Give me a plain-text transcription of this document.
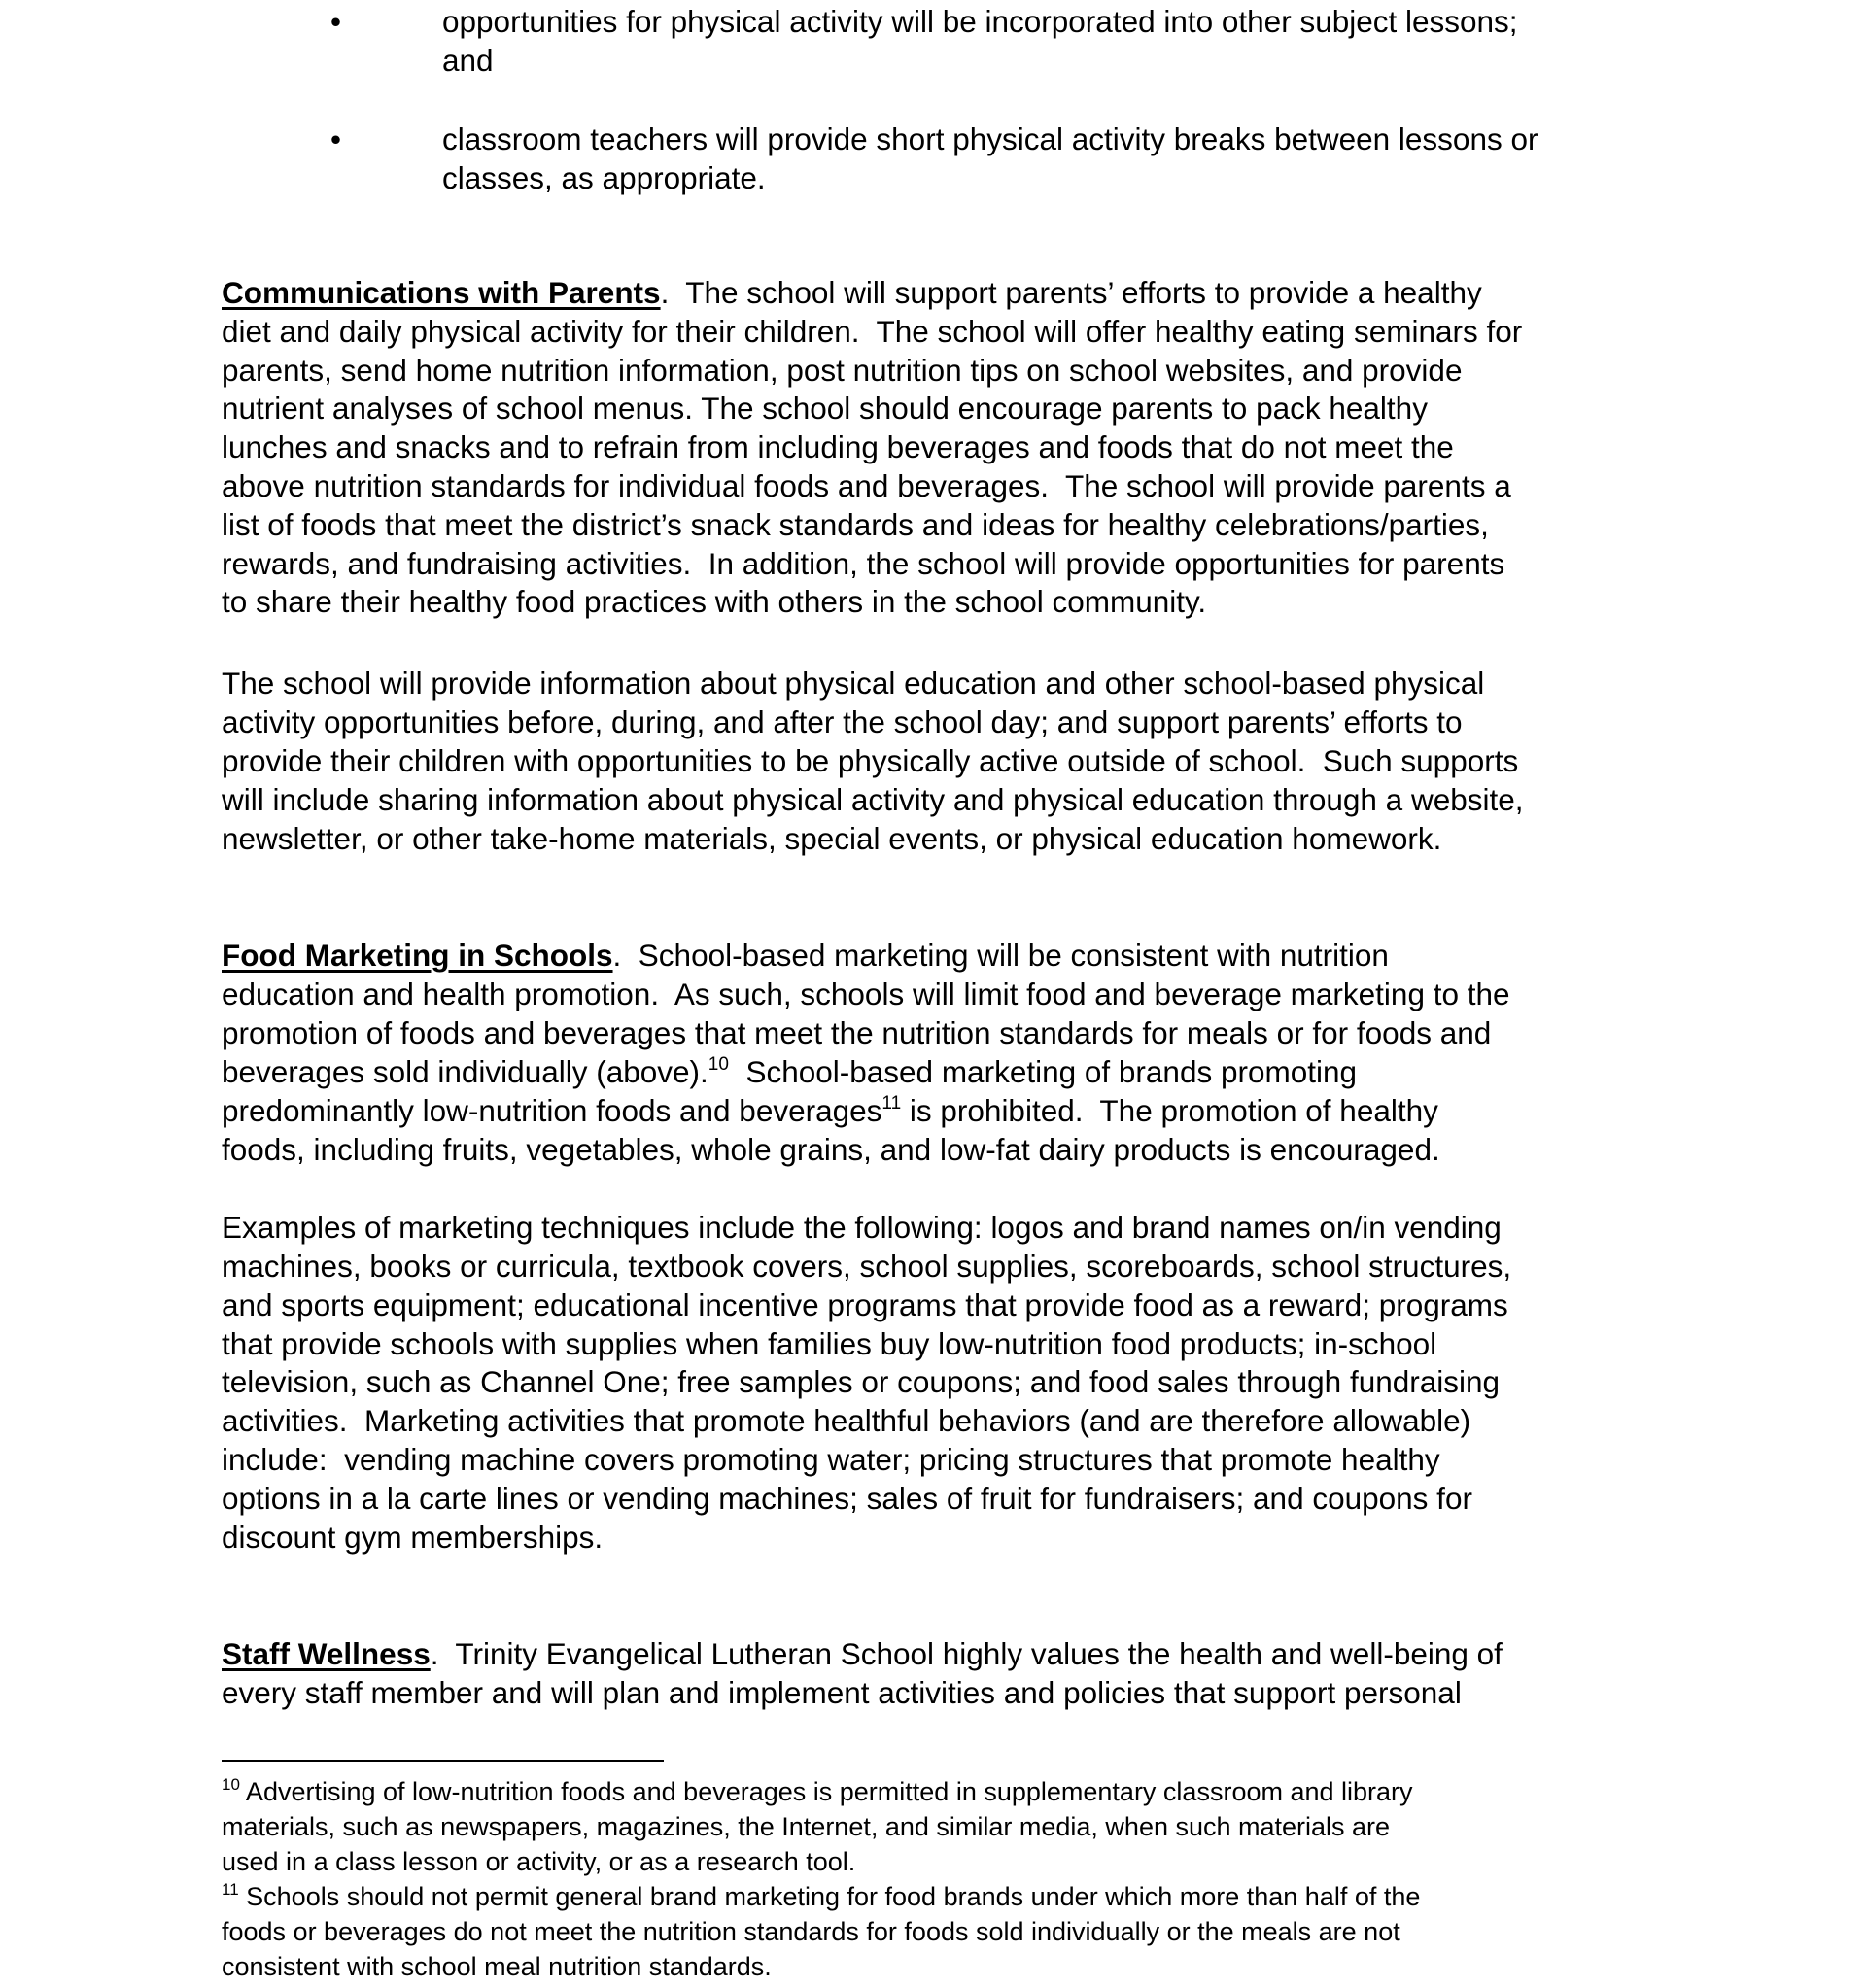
•	opportunities for physical activity will be incorporated into other subject lessons;
and
•	classroom teachers will provide short physical activity breaks between lessons or
classes, as appropriate.
Communications with Parents.  The school will support parents’ efforts to provide a healthy
diet and daily physical activity for their children.  The school will offer healthy eating seminars for
parents, send home nutrition information, post nutrition tips on school websites, and provide
nutrient analyses of school menus. The school should encourage parents to pack healthy
lunches and snacks and to refrain from including beverages and foods that do not meet the
above nutrition standards for individual foods and beverages.  The school will provide parents a
list of foods that meet the district’s snack standards and ideas for healthy celebrations/parties,
rewards, and fundraising activities.  In addition, the school will provide opportunities for parents
to share their healthy food practices with others in the school community.
The school will provide information about physical education and other school-based physical
activity opportunities before, during, and after the school day; and support parents’ efforts to
provide their children with opportunities to be physically active outside of school.  Such supports
will include sharing information about physical activity and physical education through a website,
newsletter, or other take-home materials, special events, or physical education homework.
Food Marketing in Schools.  School-based marketing will be consistent with nutrition
education and health promotion.  As such, schools will limit food and beverage marketing to the
promotion of foods and beverages that meet the nutrition standards for meals or for foods and
beverages sold individually (above).$^{10}$  School-based marketing of brands promoting
predominantly low-nutrition foods and beverages$^{11}$ is prohibited.  The promotion of healthy
foods, including fruits, vegetables, whole grains, and low-fat dairy products is encouraged.
Examples of marketing techniques include the following: logos and brand names on/in vending
machines, books or curricula, textbook covers, school supplies, scoreboards, school structures,
and sports equipment; educational incentive programs that provide food as a reward; programs
that provide schools with supplies when families buy low-nutrition food products; in-school
television, such as Channel One; free samples or coupons; and food sales through fundraising
activities.  Marketing activities that promote healthful behaviors (and are therefore allowable)
include:  vending machine covers promoting water; pricing structures that promote healthy
options in a la carte lines or vending machines; sales of fruit for fundraisers; and coupons for
discount gym memberships.
Staff Wellness.  Trinity Evangelical Lutheran School highly values the health and well-being of
every staff member and will plan and implement activities and policies that support personal
$^{10}$ Advertising of low-nutrition foods and beverages is permitted in supplementary classroom and library
materials, such as newspapers, magazines, the Internet, and similar media, when such materials are
used in a class lesson or activity, or as a research tool.
$^{11}$ Schools should not permit general brand marketing for food brands under which more than half of the
foods or beverages do not meet the nutrition standards for foods sold individually or the meals are not
consistent with school meal nutrition standards.
